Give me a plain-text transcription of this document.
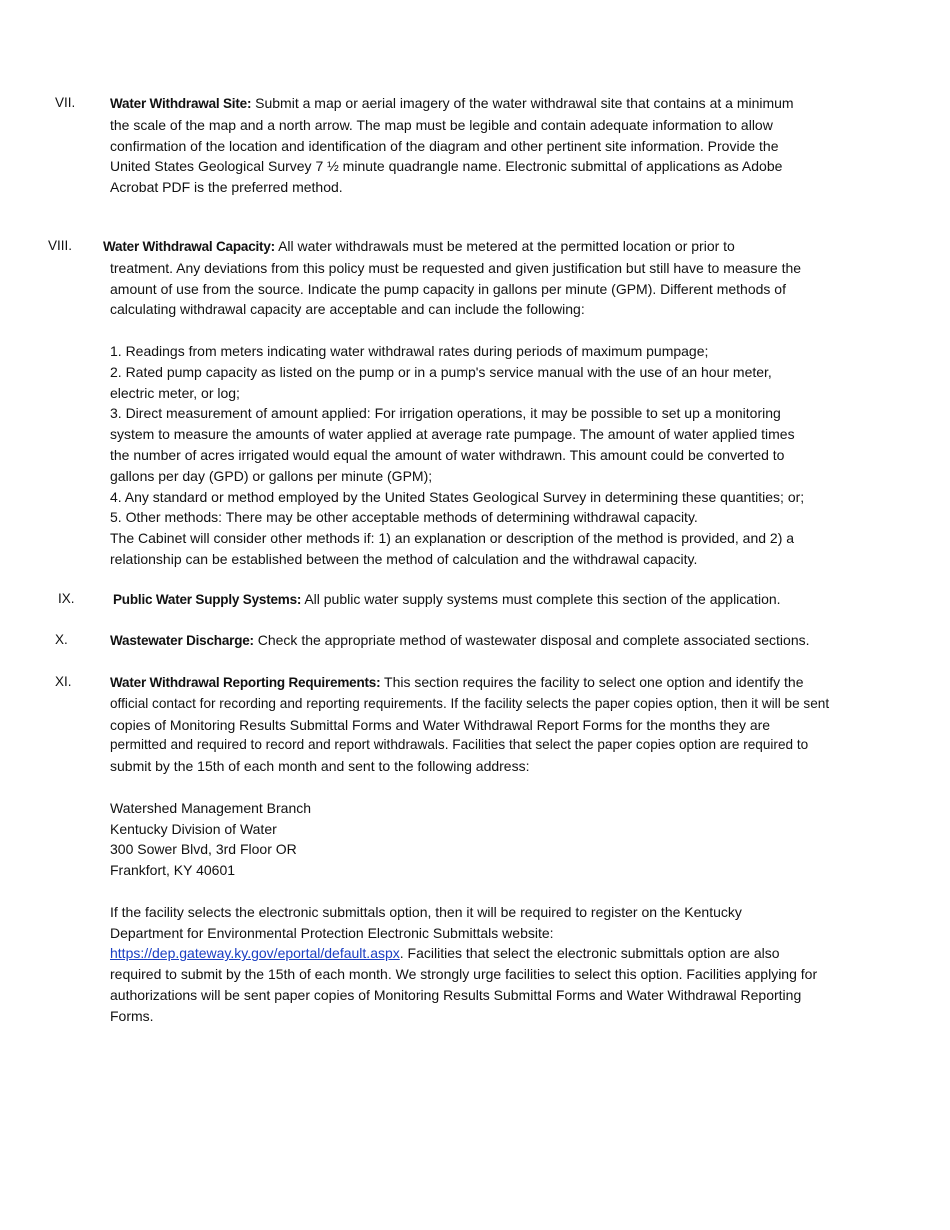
VII.	Water Withdrawal Site: Submit a map or aerial imagery of the water withdrawal site that contains at a minimum
the scale of the map and a north arrow. The map must be legible and contain adequate information to allow
confirmation of the location and identification of the diagram and other pertinent site information. Provide the
United States Geological Survey 7 ½ minute quadrangle name. Electronic submittal of applications as Adobe
Acrobat PDF is the preferred method.
VIII. Water Withdrawal Capacity: All water withdrawals must be metered at the permitted location or prior to
treatment. Any deviations from this policy must be requested and given justification but still have to measure the
amount of use from the source. Indicate the pump capacity in gallons per minute (GPM). Different methods of
calculating withdrawal capacity are acceptable and can include the following:
1. Readings from meters indicating water withdrawal rates during periods of maximum pumpage;
2. Rated pump capacity as listed on the pump or in a pump's service manual with the use of an hour meter,
electric meter, or log;
3. Direct measurement of amount applied: For irrigation operations, it may be possible to set up a monitoring
system to measure the amounts of water applied at average rate pumpage. The amount of water applied times
the number of acres irrigated would equal the amount of water withdrawn. This amount could be converted to
gallons per day (GPD) or gallons per minute (GPM);
4. Any standard or method employed by the United States Geological Survey in determining these quantities; or;
5. Other methods: There may be other acceptable methods of determining withdrawal capacity.
The Cabinet will consider other methods if: 1) an explanation or description of the method is provided, and 2) a
relationship can be established between the method of calculation and the withdrawal capacity.
IX.	Public Water Supply Systems: All public water supply systems must complete this section of the application.
X.	Wastewater Discharge: Check the appropriate method of wastewater disposal and complete associated sections.
XI.	Water Withdrawal Reporting Requirements: This section requires the facility to select one option and identify the
official contact for recording and reporting requirements. If the facility selects the paper copies option, then it will be sent
copies of Monitoring Results Submittal Forms and Water Withdrawal Report Forms for the months they are
permitted and required to record and report withdrawals. Facilities that select the paper copies option are required to
submit by the 15th of each month and sent to the following address:
Watershed Management Branch
Kentucky Division of Water
300 Sower Blvd, 3rd Floor OR
Frankfort, KY 40601
If the facility selects the electronic submittals option, then it will be required to register on the Kentucky
Department for Environmental Protection Electronic Submittals website:
https://dep.gateway.ky.gov/eportal/default.aspx. Facilities that select the electronic submittals option are also
required to submit by the 15th of each month. We strongly urge facilities to select this option. Facilities applying for
authorizations will be sent paper copies of Monitoring Results Submittal Forms and Water Withdrawal Reporting
Forms.
